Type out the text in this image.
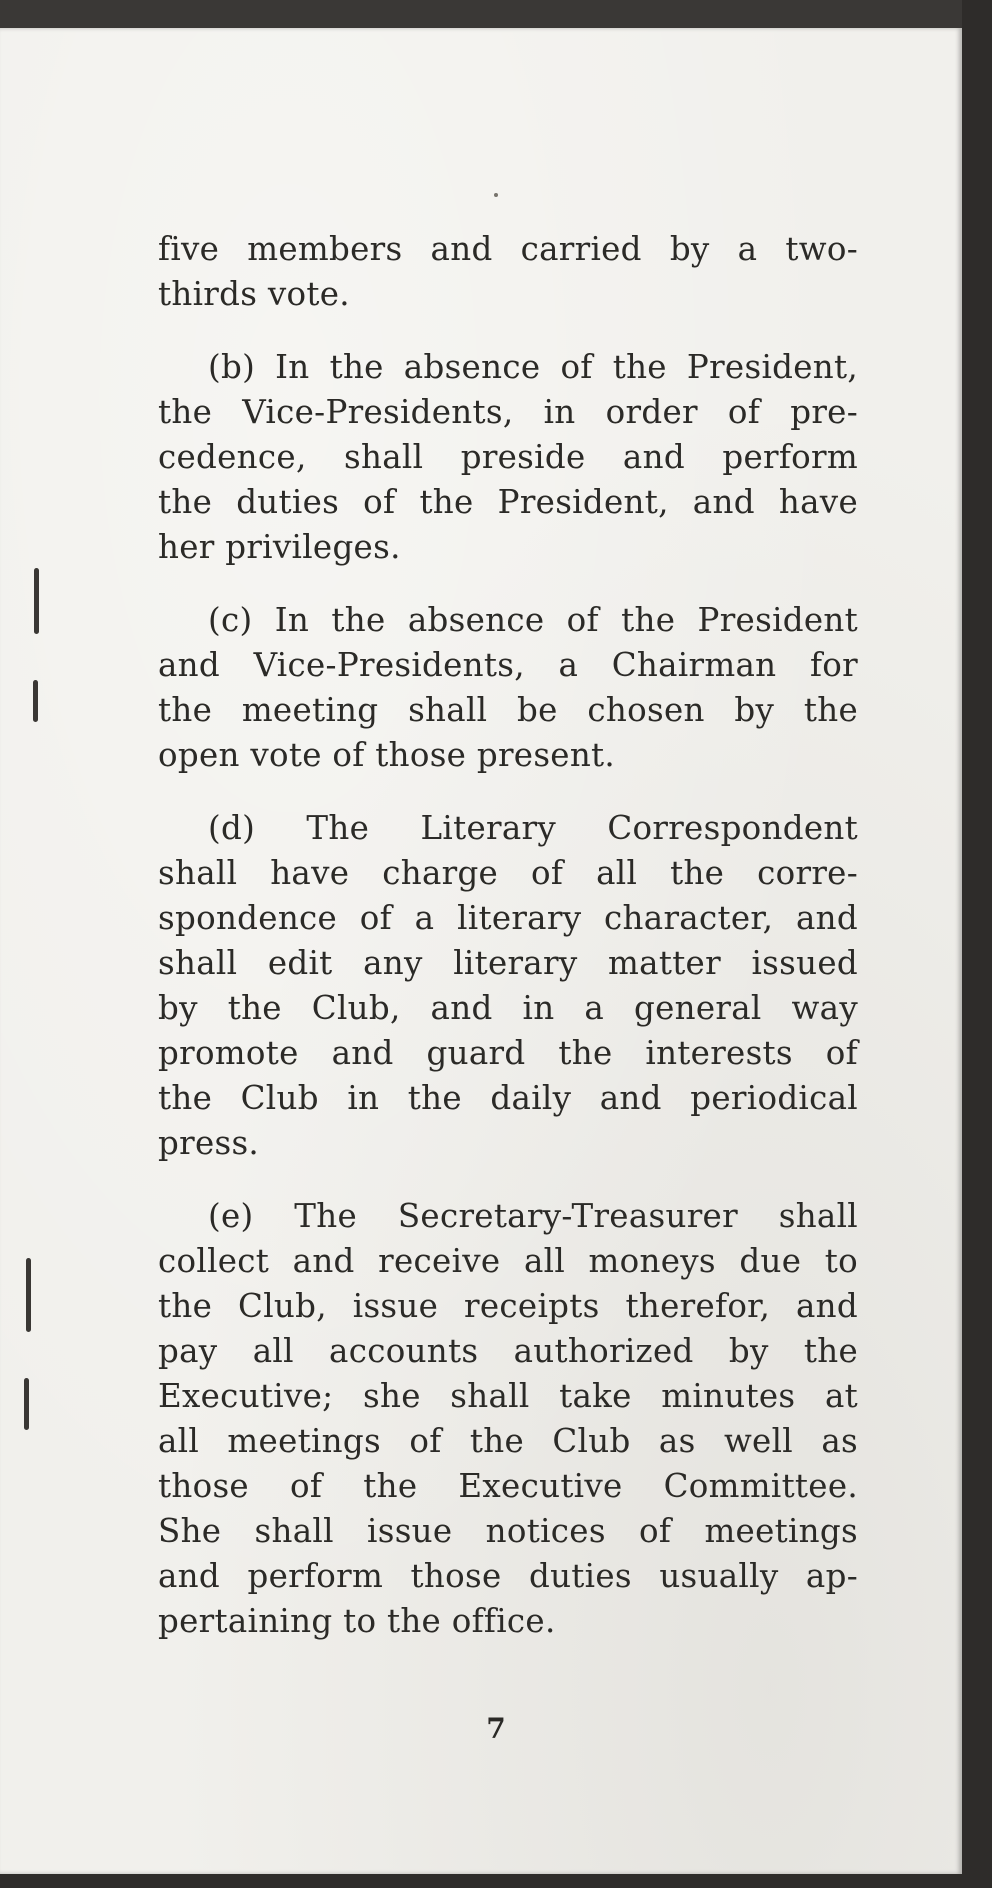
five members and carried by a two-
thirds vote.
(b) In the absence of the President,
the Vice-Presidents, in order of pre-
cedence, shall preside and perform
the duties of the President, and have
her privileges.
(c) In the absence of the President
and Vice-Presidents, a Chairman for
the meeting shall be chosen by the
open vote of those present.
(d) The Literary Correspondent
shall have charge of all the corre-
spondence of a literary character, and
shall edit any literary matter issued
by the Club, and in a general way
promote and guard the interests of
the Club in the daily and periodical
press.
(e) The Secretary-Treasurer shall
collect and receive all moneys due to
the Club, issue receipts therefor, and
pay all accounts authorized by the
Executive; she shall take minutes at
all meetings of the Club as well as
those of the Executive Committee.
She shall issue notices of meetings
and perform those duties usually ap-
pertaining to the office.
7
